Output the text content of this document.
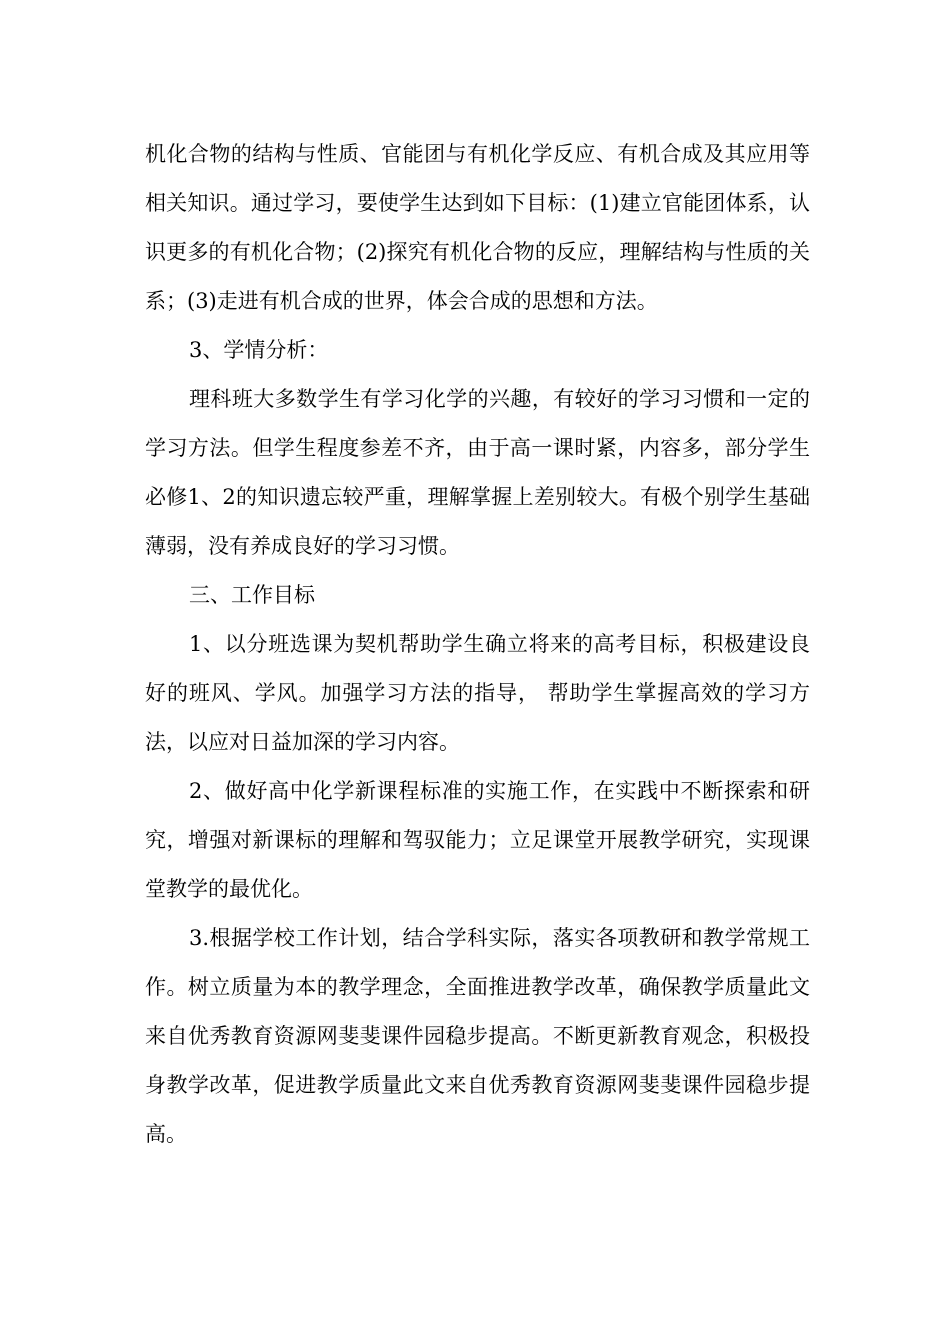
机化合物的结构与性质、官能团与有机化学反应、有机合成及其应用等相关知识。通过学习，要使学生达到如下目标：(1)建立官能团体系，认识更多的有机化合物；(2)探究有机化合物的反应，理解结构与性质的关系；(3)走进有机合成的世界，体会合成的思想和方法。

3、学情分析：

理科班大多数学生有学习化学的兴趣，有较好的学习习惯和一定的学习方法。但学生程度参差不齐，由于高一课时紧，内容多，部分学生必修1、2的知识遗忘较严重，理解掌握上差别较大。有极个别学生基础薄弱，没有养成良好的学习习惯。

三、工作目标

1、以分班选课为契机帮助学生确立将来的高考目标，积极建设良好的班风、学风。加强学习方法的指导， 帮助学生掌握高效的学习方法，以应对日益加深的学习内容。

2、做好高中化学新课程标准的实施工作，在实践中不断探索和研究，增强对新课标的理解和驾驭能力；立足课堂开展教学研究，实现课堂教学的最优化。

3.根据学校工作计划，结合学科实际，落实各项教研和教学常规工作。树立质量为本的教学理念，全面推进教学改革，确保教学质量此文来自优秀教育资源网斐斐课件园稳步提高。不断更新教育观念，积极投身教学改革，促进教学质量此文来自优秀教育资源网斐斐课件园稳步提高。
